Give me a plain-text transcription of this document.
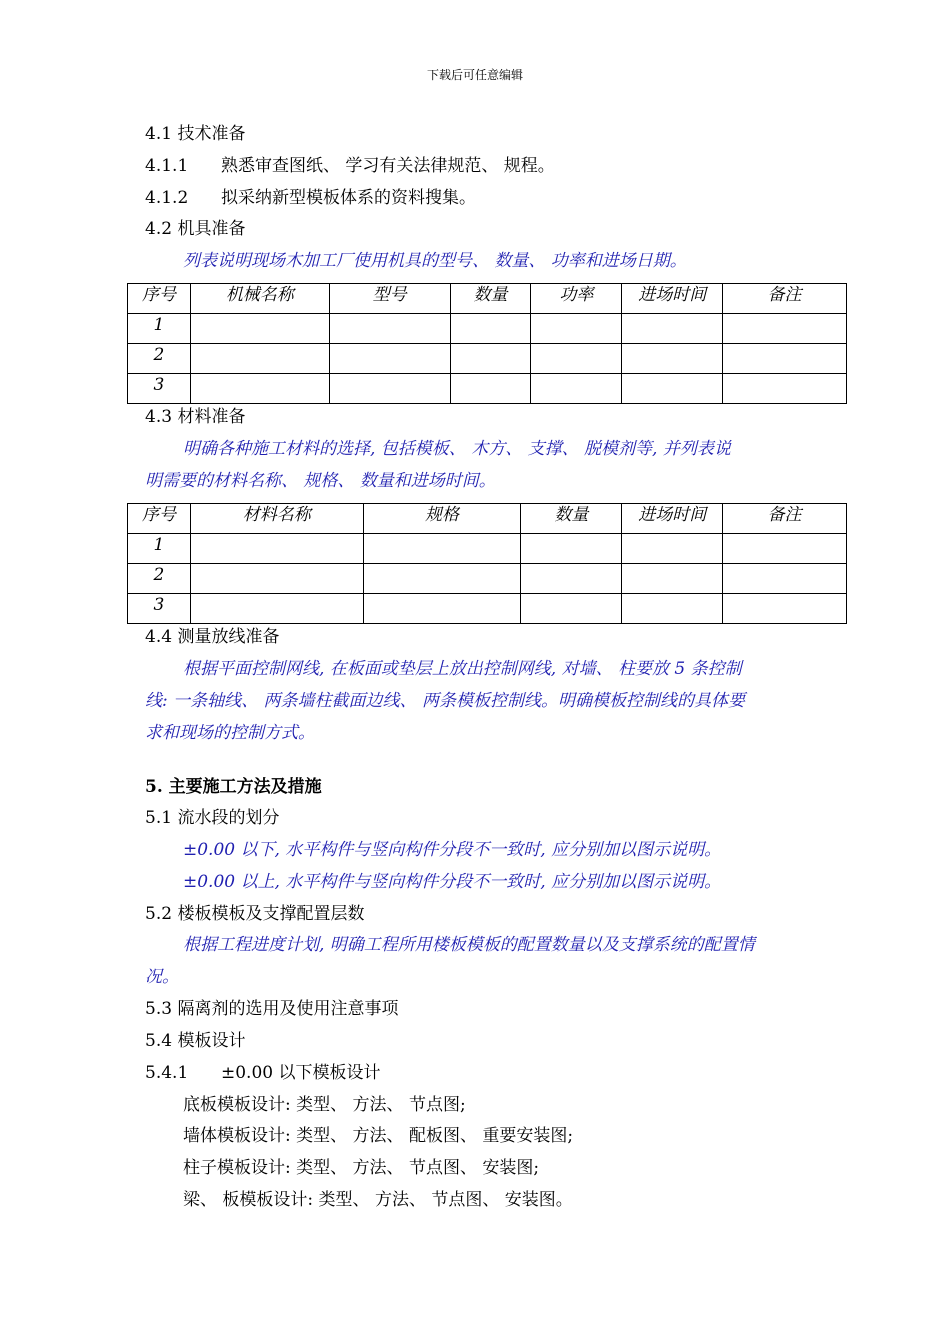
下载后可任意编辑
4.1 技术准备
4.1.1 熟悉审查图纸、 学习有关法律规范、 规程。
4.1.2 拟采纳新型模板体系的资料搜集。
4.2 机具准备
列表说明现场木加工厂使用机具的型号、 数量、 功率和进场日期。
序号	机械名称	型号	数量	功率	进场时间	备注
1						
2						
3						
4.3 材料准备
明确各种施工材料的选择, 包括模板、 木方、 支撑、 脱模剂等, 并列表说
明需要的材料名称、 规格、 数量和进场时间。
序号	材料名称	规格	数量	进场时间	备注
1					
2					
3					
4.4 测量放线准备
根据平面控制网线, 在板面或垫层上放出控制网线, 对墙、 柱要放 5 条控制
线: 一条轴线、 两条墙柱截面边线、 两条模板控制线。明确模板控制线的具体要
求和现场的控制方式。
5. 主要施工方法及措施
5.1 流水段的划分
±0.00 以下, 水平构件与竖向构件分段不一致时, 应分别加以图示说明。
±0.00 以上, 水平构件与竖向构件分段不一致时, 应分别加以图示说明。
5.2 楼板模板及支撑配置层数
根据工程进度计划, 明确工程所用楼板模板的配置数量以及支撑系统的配置情
况。
5.3 隔离剂的选用及使用注意事项
5.4 模板设计
5.4.1 ±0.00 以下模板设计
底板模板设计: 类型、 方法、 节点图;
墙体模板设计: 类型、 方法、 配板图、 重要安装图;
柱子模板设计: 类型、 方法、 节点图、 安装图;
梁、 板模板设计: 类型、 方法、 节点图、 安装图。
